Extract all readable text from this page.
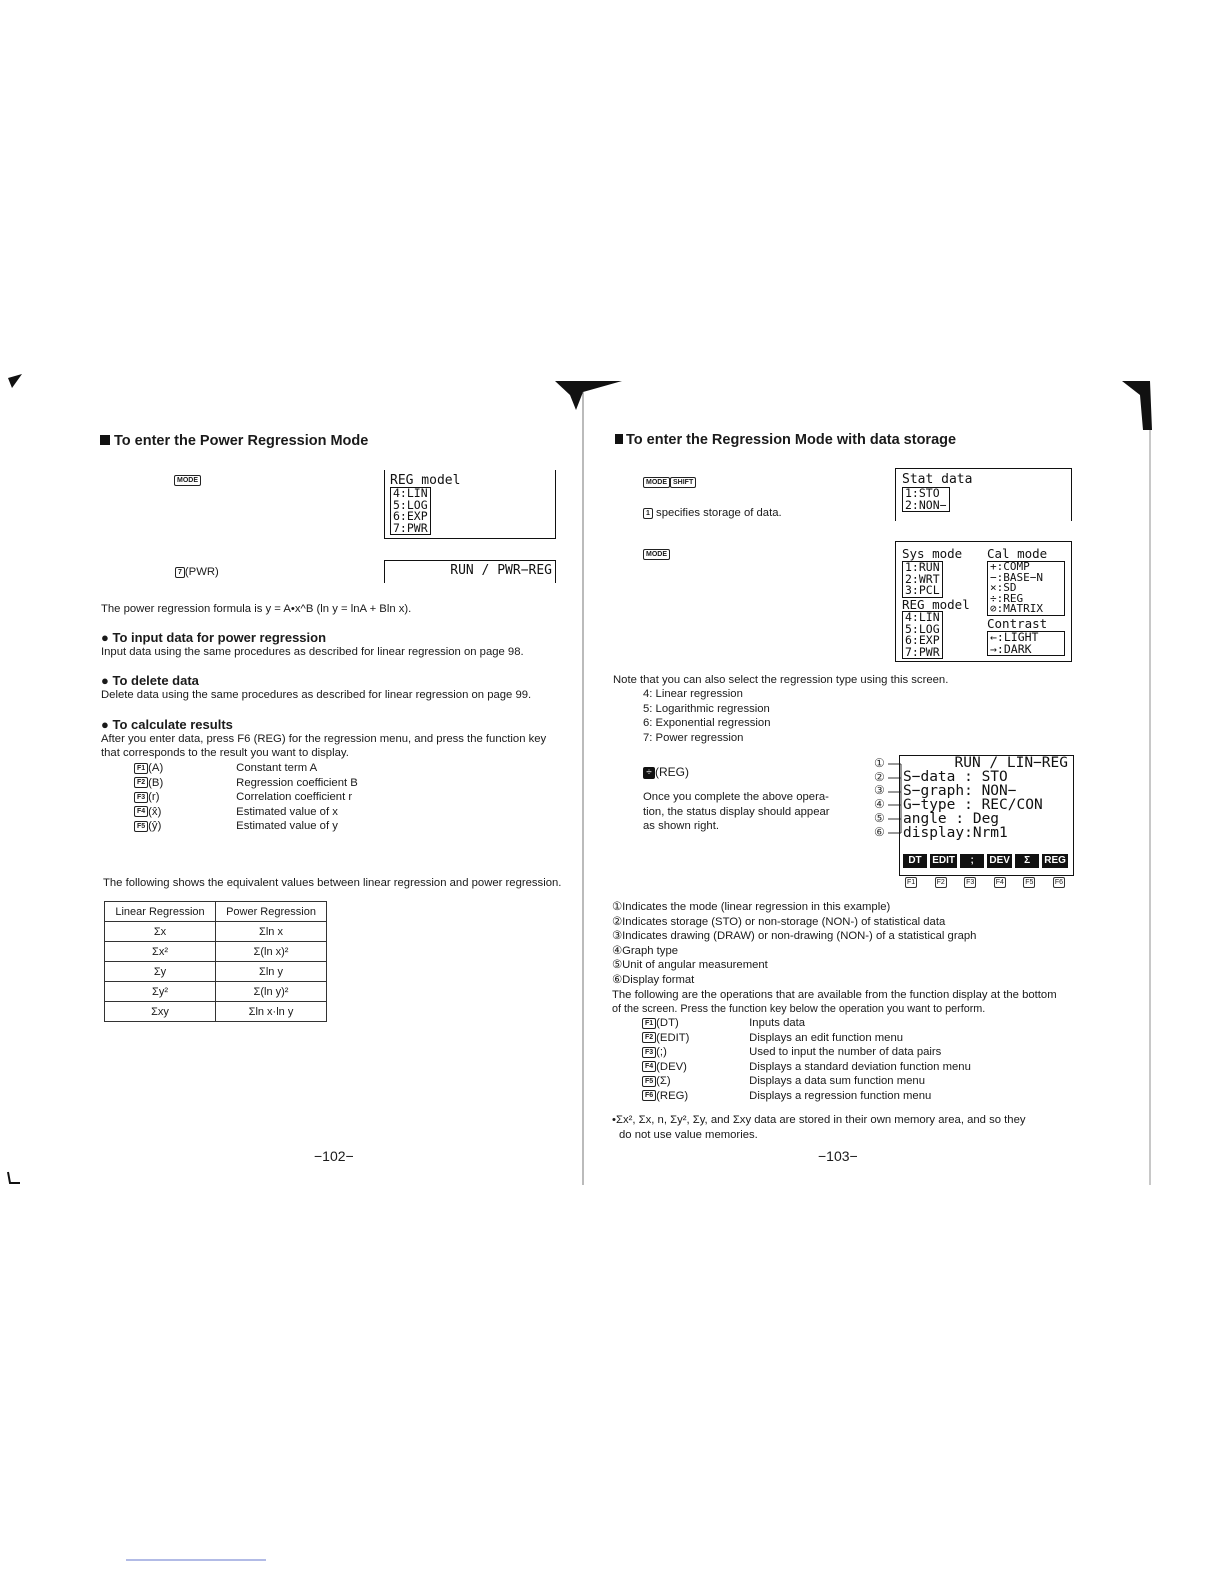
To enter the Power Regression Mode
MODE	REG model
4:LIN
5:LOG
6:EXP
7:PWR
7 (PWR)	RUN / PWR−REG
The power regression formula is y = A•x^B (ln y = lnA + Bln x).
● To input data for power regression
Input data using the same procedures as described for linear regression on page 98.
● To delete data
Delete data using the same procedures as described for linear regression on page 99.
● To calculate results
After you enter data, press F6 (REG) for the regression menu, and press the function key
that corresponds to the result you want to display.
F1 (A)	Constant term A
F2 (B)	Regression coefficient B
F3 (r)	Correlation coefficient r
F4 (x̂)	Estimated value of x
F5 (ŷ)	Estimated value of y
The following shows the equivalent values between linear regression and power regression.
Linear Regression	Power Regression
Σx	Σln x
Σx²	Σ(ln x)²
Σy	Σln y
Σy²	Σ(ln y)²
Σxy	Σln x·ln y
−102−
To enter the Regression Mode with data storage
MODE SHIFT	Stat data
1:STO
2:NON−
1 specifies storage of data.
MODE	Sys mode
1:RUN
2:WRT
3:PCL
REG model
4:LIN
5:LOG
6:EXP
7:PWR
Cal mode
+:COMP
−:BASE−N
×:SD
÷:REG
⊘:MATRIX
Contrast
←:LIGHT
→:DARK
Note that you can also select the regression type using this screen.
4: Linear regression
5: Logarithmic regression
6: Exponential regression
7: Power regression
÷ (REG)
Once you complete the above opera-
tion, the status display should appear
as shown right.
①
②
③
④
⑤
⑥
RUN / LIN−REG
S−data : STO
S−graph: NON−
G−type : REC/CON
angle : Deg
display:Nrm1
DT	EDIT	;	DEV	Σ	REG
F1	F2	F3	F4	F5	F6
①Indicates the mode (linear regression in this example)
②Indicates storage (STO) or non-storage (NON-) of statistical data
③Indicates drawing (DRAW) or non-drawing (NON-) of a statistical graph
④Graph type
⑤Unit of angular measurement
⑥Display format
The following are the operations that are available from the function display at the bottom
of the screen. Press the function key below the operation you want to perform.
F1 (DT)	Inputs data
F2 (EDIT)	Displays an edit function menu
F3 (;)	Used to input the number of data pairs
F4 (DEV)	Displays a standard deviation function menu
F5 (Σ)	Displays a data sum function menu
F6 (REG)	Displays a regression function menu
•Σx², Σx, n, Σy², Σy, and Σxy data are stored in their own memory area, and so they
do not use value memories.
−103−
